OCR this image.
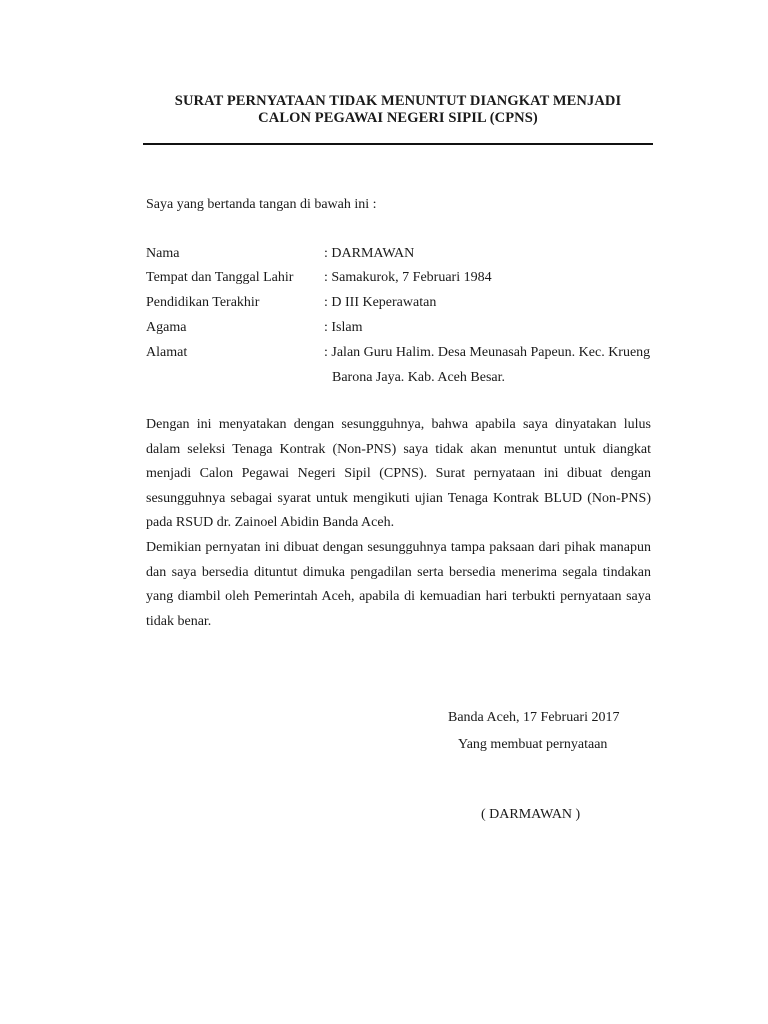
SURAT PERNYATAAN TIDAK MENUNTUT DIANGKAT MENJADI
CALON PEGAWAI NEGERI SIPIL (CPNS)
Saya yang bertanda tangan di bawah ini :
Nama	: DARMAWAN
Tempat dan Tanggal Lahir : Samakurok, 7 Februari 1984
Pendidikan Terakhir	: D III Keperawatan
Agama	: Islam
Alamat	: Jalan Guru Halim. Desa Meunasah Papeun. Kec. Krueng
Barona Jaya. Kab. Aceh Besar.
Dengan ini menyatakan dengan sesungguhnya, bahwa apabila saya dinyatakan lulus dalam seleksi Tenaga Kontrak (Non-PNS) saya tidak akan menuntut untuk diangkat menjadi Calon Pegawai Negeri Sipil (CPNS). Surat pernyataan ini dibuat dengan sesungguhnya sebagai syarat untuk mengikuti ujian Tenaga Kontrak BLUD (Non-PNS) pada RSUD dr. Zainoel Abidin Banda Aceh.
Demikian pernyatan ini dibuat dengan sesungguhnya tampa paksaan dari pihak manapun dan saya bersedia dituntut dimuka pengadilan serta bersedia menerima segala tindakan yang diambil oleh Pemerintah Aceh, apabila di kemuadian hari terbukti pernyataan saya tidak benar.
Banda Aceh, 17 Februari 2017
Yang membuat pernyataan
( DARMAWAN )
